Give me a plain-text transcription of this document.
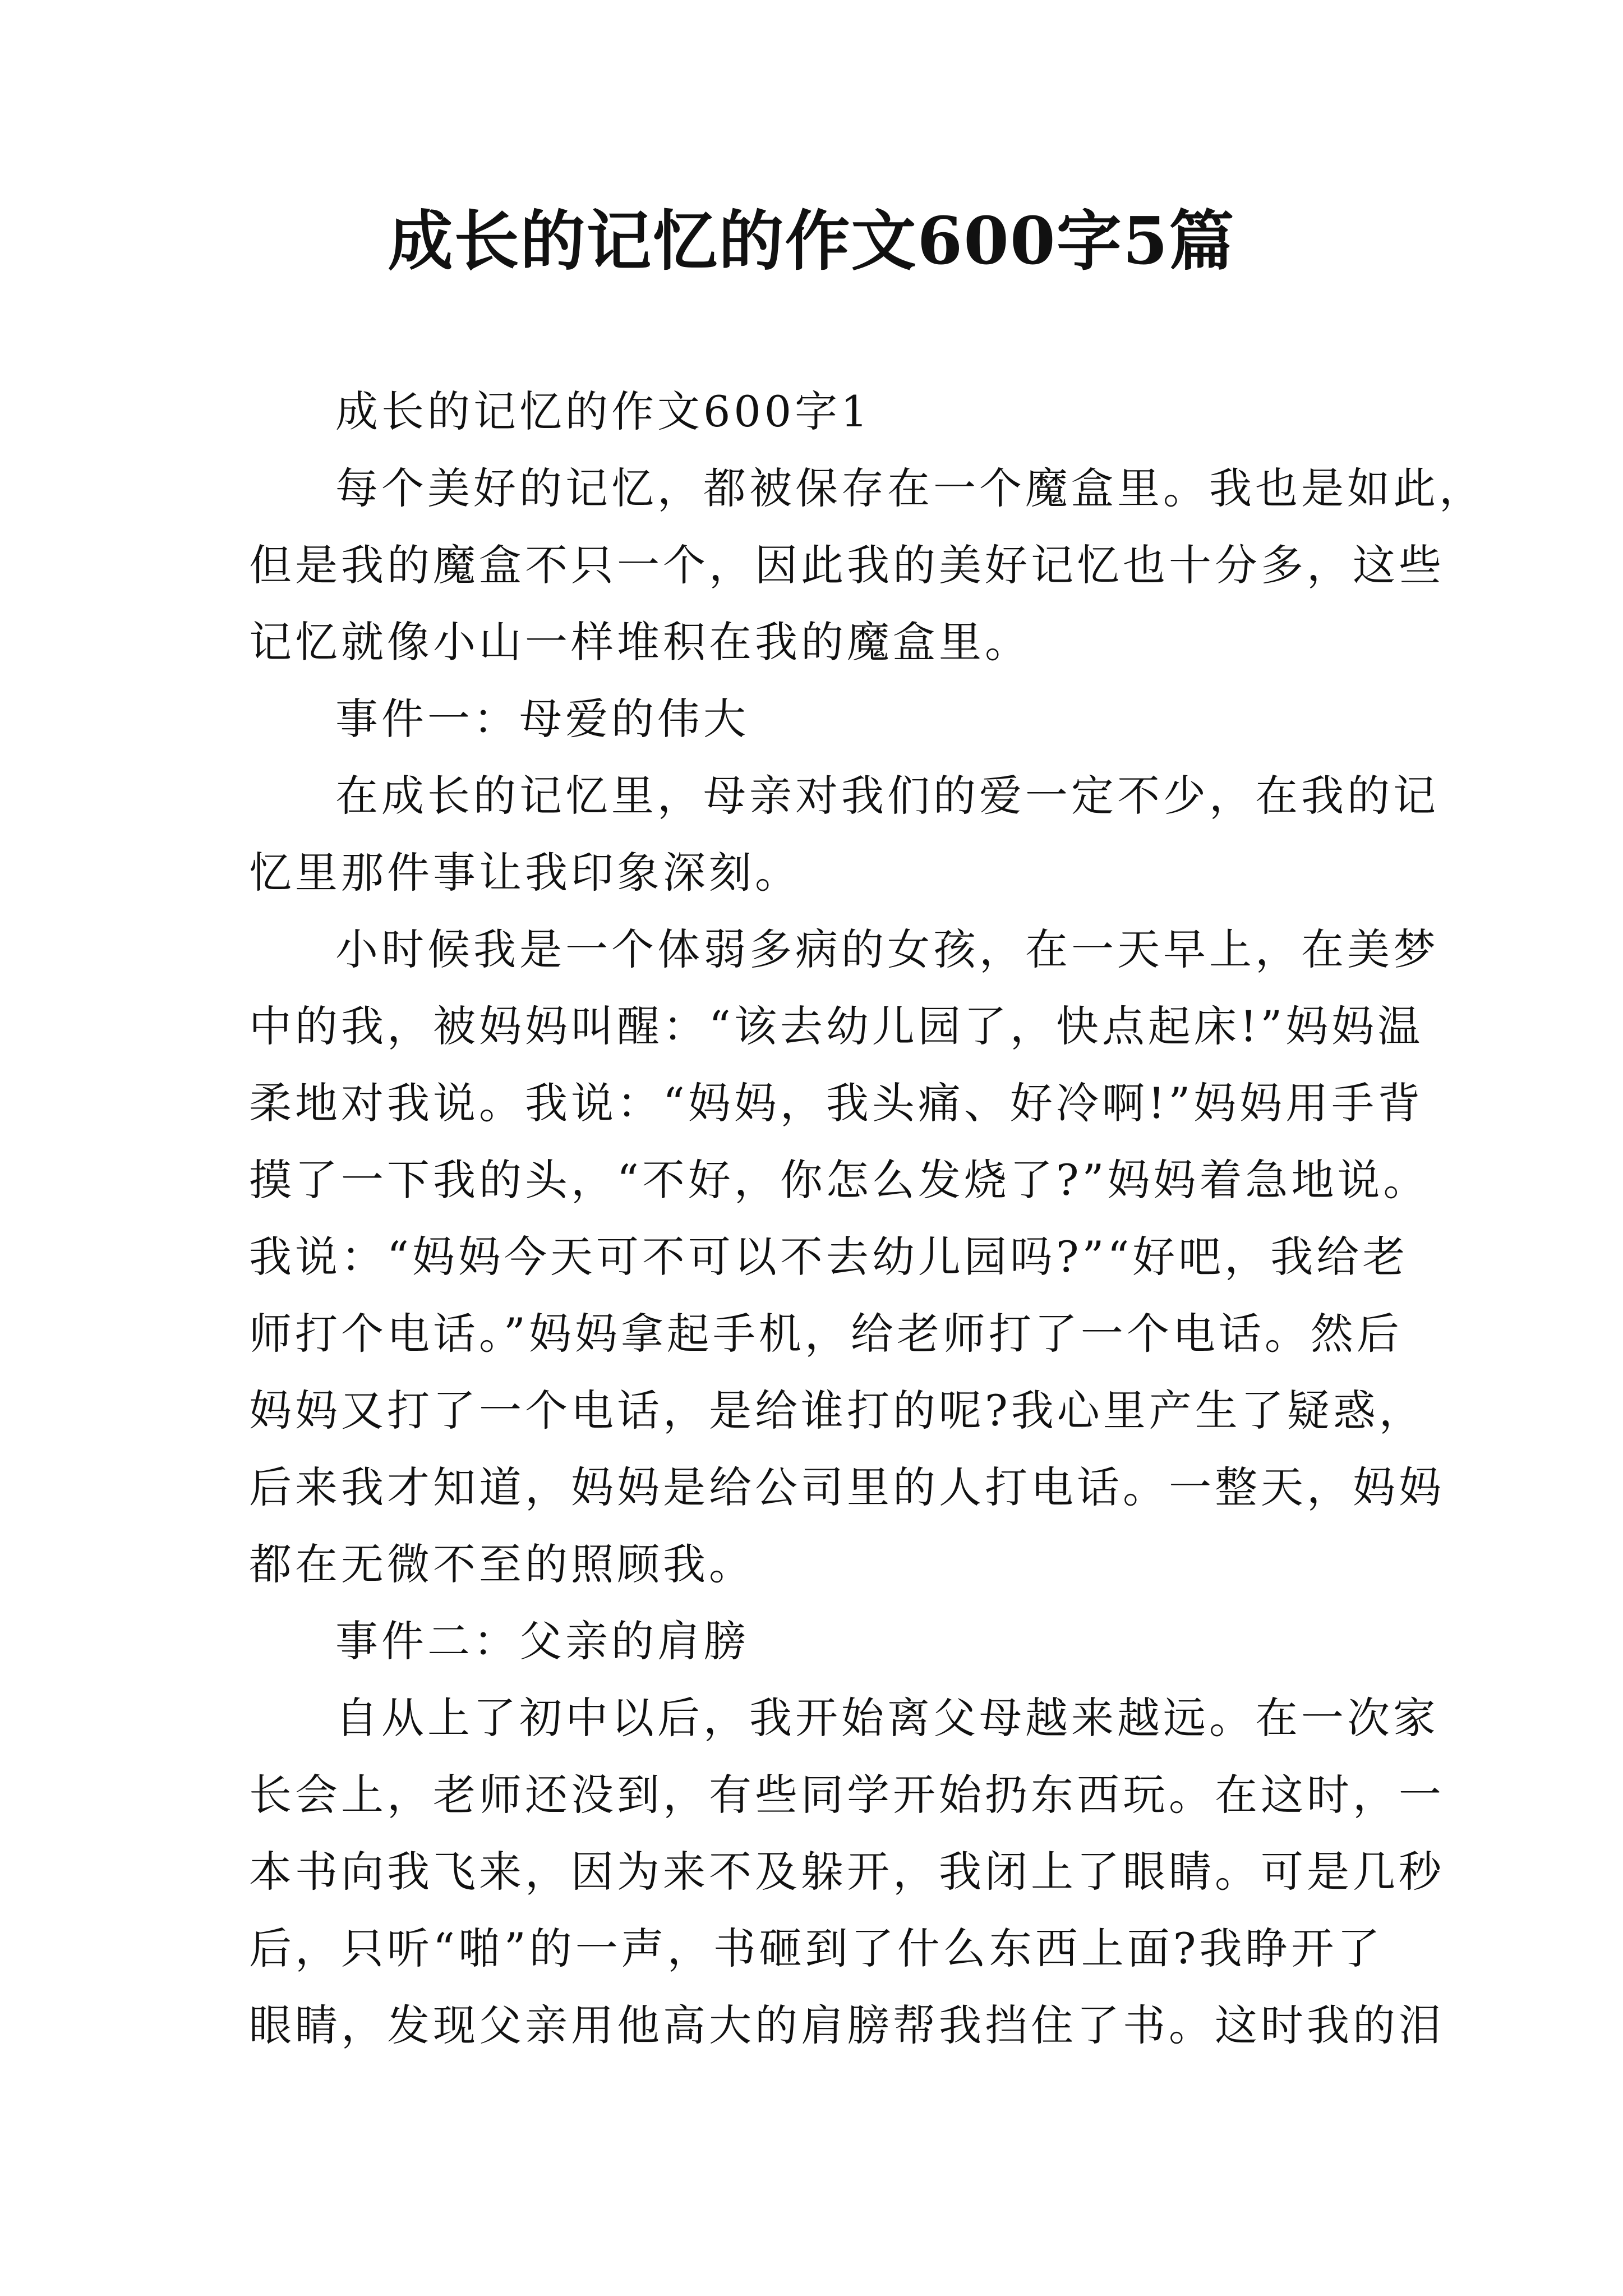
成长的记忆的作文600字5篇

成长的记忆的作文600字1

每个美好的记忆，都被保存在一个魔盒里。我也是如此，
但是我的魔盒不只一个，因此我的美好记忆也十分多，这些
记忆就像小山一样堆积在我的魔盒里。

事件一：母爱的伟大

在成长的记忆里，母亲对我们的爱一定不少，在我的记
忆里那件事让我印象深刻。

小时候我是一个体弱多病的女孩，在一天早上，在美梦
中的我，被妈妈叫醒：“该去幼儿园了，快点起床!”妈妈温
柔地对我说。我说：“妈妈，我头痛、好冷啊!”妈妈用手背
摸了一下我的头，“不好，你怎么发烧了?”妈妈着急地说。
我说：“妈妈今天可不可以不去幼儿园吗?”“好吧，我给老
师打个电话。”妈妈拿起手机，给老师打了一个电话。然后
妈妈又打了一个电话，是给谁打的呢?我心里产生了疑惑，
后来我才知道，妈妈是给公司里的人打电话。一整天，妈妈
都在无微不至的照顾我。

事件二：父亲的肩膀

自从上了初中以后，我开始离父母越来越远。在一次家
长会上，老师还没到，有些同学开始扔东西玩。在这时，一
本书向我飞来，因为来不及躲开，我闭上了眼睛。可是几秒
后，只听“啪”的一声，书砸到了什么东西上面?我睁开了
眼睛，发现父亲用他高大的肩膀帮我挡住了书。这时我的泪
